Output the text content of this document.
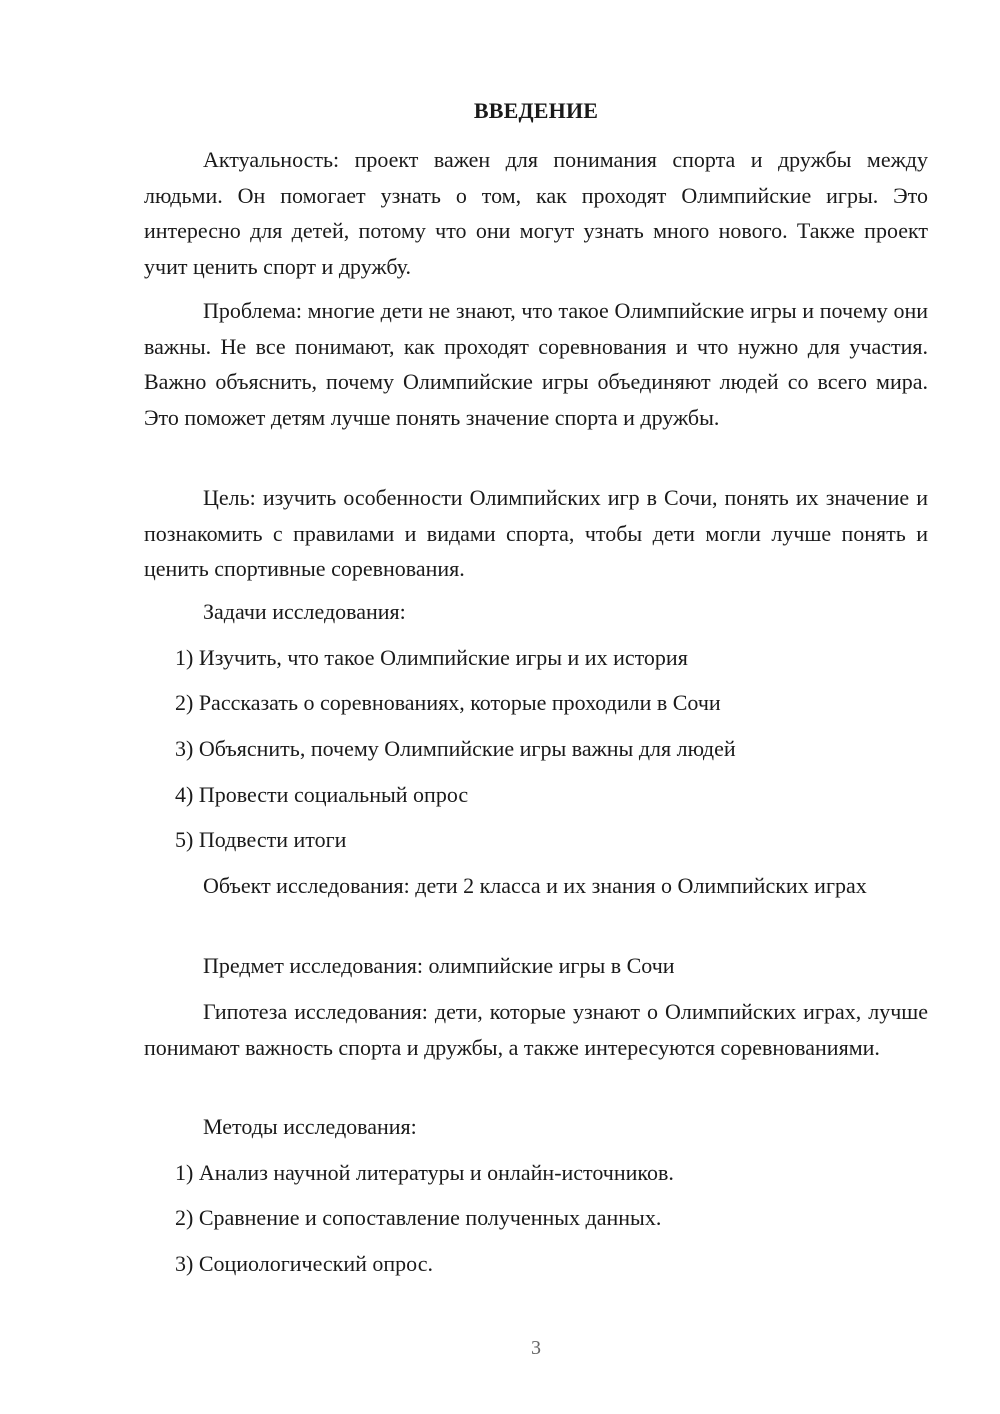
ВВЕДЕНИЕ

Актуальность: проект важен для понимания спорта и дружбы между людьми. Он помогает узнать о том, как проходят Олимпийские игры. Это интересно для детей, потому что они могут узнать много нового. Также проект учит ценить спорт и дружбу.

Проблема: многие дети не знают, что такое Олимпийские игры и почему они важны. Не все понимают, как проходят соревнования и что нужно для участия. Важно объяснить, почему Олимпийские игры объединяют людей со всего мира. Это поможет детям лучше понять значение спорта и дружбы.

Цель: изучить особенности Олимпийских игр в Сочи, понять их значение и познакомить с правилами и видами спорта, чтобы дети могли лучше понять и ценить спортивные соревнования.

Задачи исследования:

1) Изучить, что такое Олимпийские игры и их история

2) Рассказать о соревнованиях, которые проходили в Сочи

3) Объяснить, почему Олимпийские игры важны для людей

4) Провести социальный опрос

5) Подвести итоги

Объект исследования: дети 2 класса и их знания о Олимпийских играх

Предмет исследования: олимпийские игры в Сочи

Гипотеза исследования: дети, которые узнают о Олимпийских играх, лучше понимают важность спорта и дружбы, а также интересуются соревнованиями.

Методы исследования:

1) Анализ научной литературы и онлайн-источников.

2) Сравнение и сопоставление полученных данных.

3) Социологический опрос.

3
